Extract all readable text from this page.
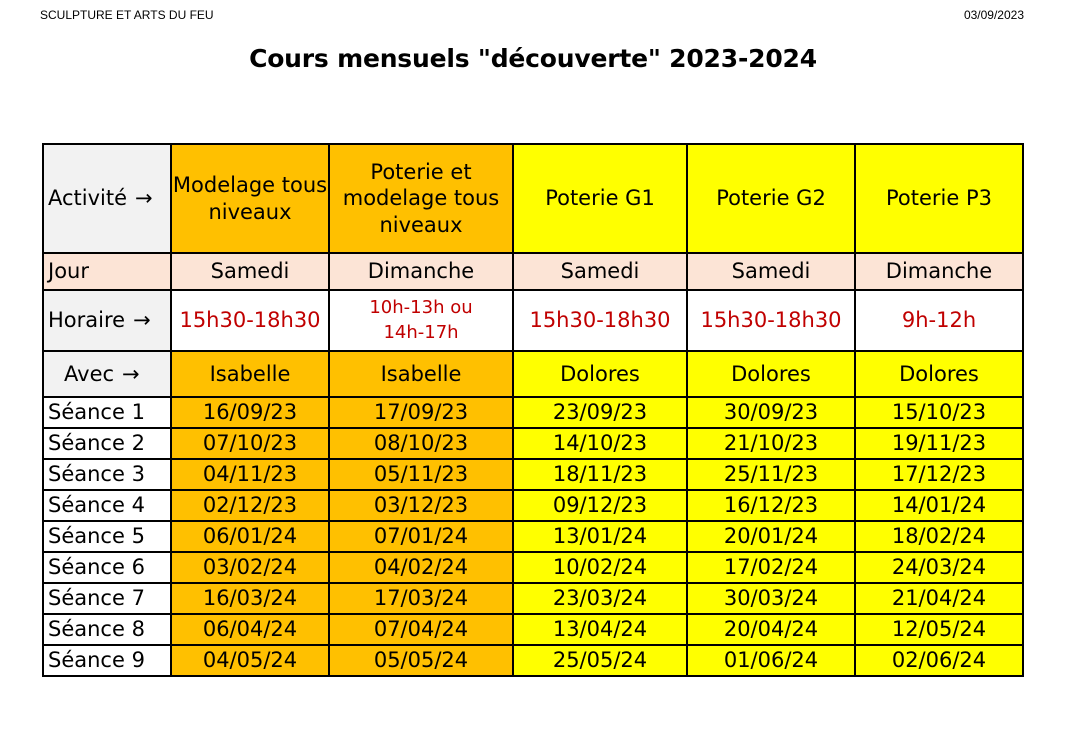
SCULPTURE ET ARTS DU FEU	03/09/2023
Cours mensuels "découverte" 2023-2024
Activité →	Modelage tous niveaux	Poterie et modelage tous niveaux	Poterie G1	Poterie G2	Poterie P3
Jour	Samedi	Dimanche	Samedi	Samedi	Dimanche
Horaire →	15h30-18h30	10h-13h ou 14h-17h	15h30-18h30	15h30-18h30	9h-12h
Avec →	Isabelle	Isabelle	Dolores	Dolores	Dolores
Séance 1	16/09/23	17/09/23	23/09/23	30/09/23	15/10/23
Séance 2	07/10/23	08/10/23	14/10/23	21/10/23	19/11/23
Séance 3	04/11/23	05/11/23	18/11/23	25/11/23	17/12/23
Séance 4	02/12/23	03/12/23	09/12/23	16/12/23	14/01/24
Séance 5	06/01/24	07/01/24	13/01/24	20/01/24	18/02/24
Séance 6	03/02/24	04/02/24	10/02/24	17/02/24	24/03/24
Séance 7	16/03/24	17/03/24	23/03/24	30/03/24	21/04/24
Séance 8	06/04/24	07/04/24	13/04/24	20/04/24	12/05/24
Séance 9	04/05/24	05/05/24	25/05/24	01/06/24	02/06/24
